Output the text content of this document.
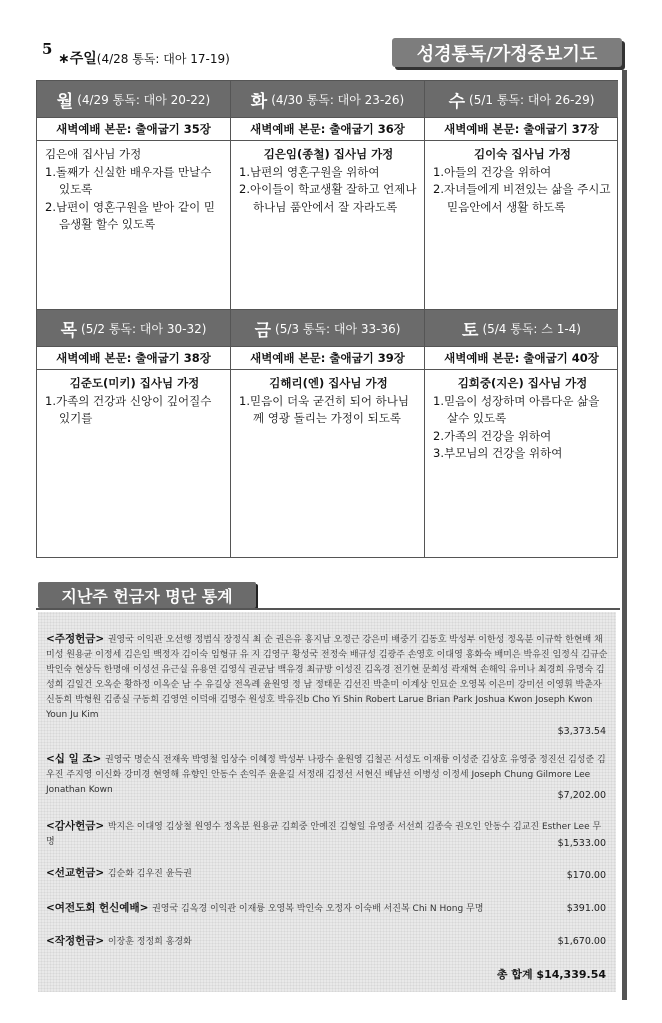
5
∗주일(4/28 통독: 대아 17-19)	성경통독/가정중보기도
월 (4/29 통독: 대아 20-22)
새벽예배 본문: 출애굽기 35장
김은애 집사님 가정
1.돌째가 신실한 배우자를 만날수 있도록
2.남편이 영혼구원을 받아 같이 믿음생활 할수 있도록
화 (4/30 통독: 대아 23-26)
새벽예배 본문: 출애굽기 36장
김은임(종철) 집사님 가정
1.남편의 영혼구원을 위하여
2.아이들이 학교생활 잘하고 언제나 하나님 품안에서 잘 자라도록
수 (5/1 통독: 대아 26-29)
새벽예배 본문: 출애굽기 37장
김이숙 집사님 가정
1.아들의 건강을 위하여
2.자녀들에게 비젼있는 삶을 주시고 믿음안에서 생활 하도록
목 (5/2 통독: 대아 30-32)
새벽예배 본문: 출애굽기 38장
김준도(미키) 집사님 가정
1.가족의 건강과 신앙이 깊어질수 있기를
금 (5/3 통독: 대아 33-36)
새벽예배 본문: 출애굽기 39장
김해리(엔) 집사님 가정
1.믿음이 더욱 굳건히 되어 하나님께 영광 돌리는 가정이 되도록
토 (5/4 통독: 스 1-4)
새벽예배 본문: 출애굽기 40장
김희중(지은) 집사님 가정
1.믿음이 성장하며 아름다운 삶을 살수 있도록
2.가족의 건강을 위하여
3.부모님의 건강을 위하여
지난주 헌금자 명단 통계
총 합계 $14,339.54
<주정헌금> 권영국 이익관 오선행 정범식 장정식 최 순 권은유 홍지남 오정근 강은미 배중기 김동호 박성부 이한성 정옥분 이규학 한현배 채미성 원용균 이정세 김은임 백정자 김이숙 임형규 유 지 김영구 황성국 전정숙 배규성 김광주 손영호 이대영 홍화숙 배미은 박유진 임정식 김규순 박인숙 현상득 한명애 이성선 유근실 유용연 김영식 권균남 백유경 최규방 이성진 김옥경 전기현 문희성 곽재혁 손해익 유미나 최경희 유명숙 김성희 김일건 오옥순 황하정 이옥순 남 수 유길상 전옥례 윤원영 정 남 정태문 김선진 박춘미 이계상 인묘순 오영복 이은미 강미선 이영휘 박춘자 신동희 박형원 김종실 구동희 김영연 이덕애 김명수 원성호 박유진b Cho Yi Shin Robert Larue Brian Park Joshua Kwon Joseph Kwon Youn Ju Kim
$3,373.54
<십 일 조> 권영국 명순식 전재욱 박영철 임상수 이혜정 박성부 나광수 윤원영 김철곤 서성도 이재륭 이성준 김상호 유영중 정진선 김성준 김우진 주지영 이신화 강미경 현영해 유향인 안동수 손익주 윤윤길 서정래 김정선 서현신 배남선 이병성 이정세 Joseph Chung Gilmore Lee Jonathan Kown	$7,202.00
<감사헌금> 박지은 이대영 김상철 원영수 정옥분 원용균 김희중 안예진 김형일 유영종 서선희 김종숙 권오인 안동수 김교진 Esther Lee 무명	$1,533.00
<선교헌금> 김순화 김우진 윤득권	$170.00
<여전도회 헌신예배> 권영국 김옥경 이익관 이재륭 오영복 박인숙 오정자 이숙배 서진복 Chi N Hong 무명	$391.00
<작정헌금> 이장훈 정정희 홍경화	$1,670.00
